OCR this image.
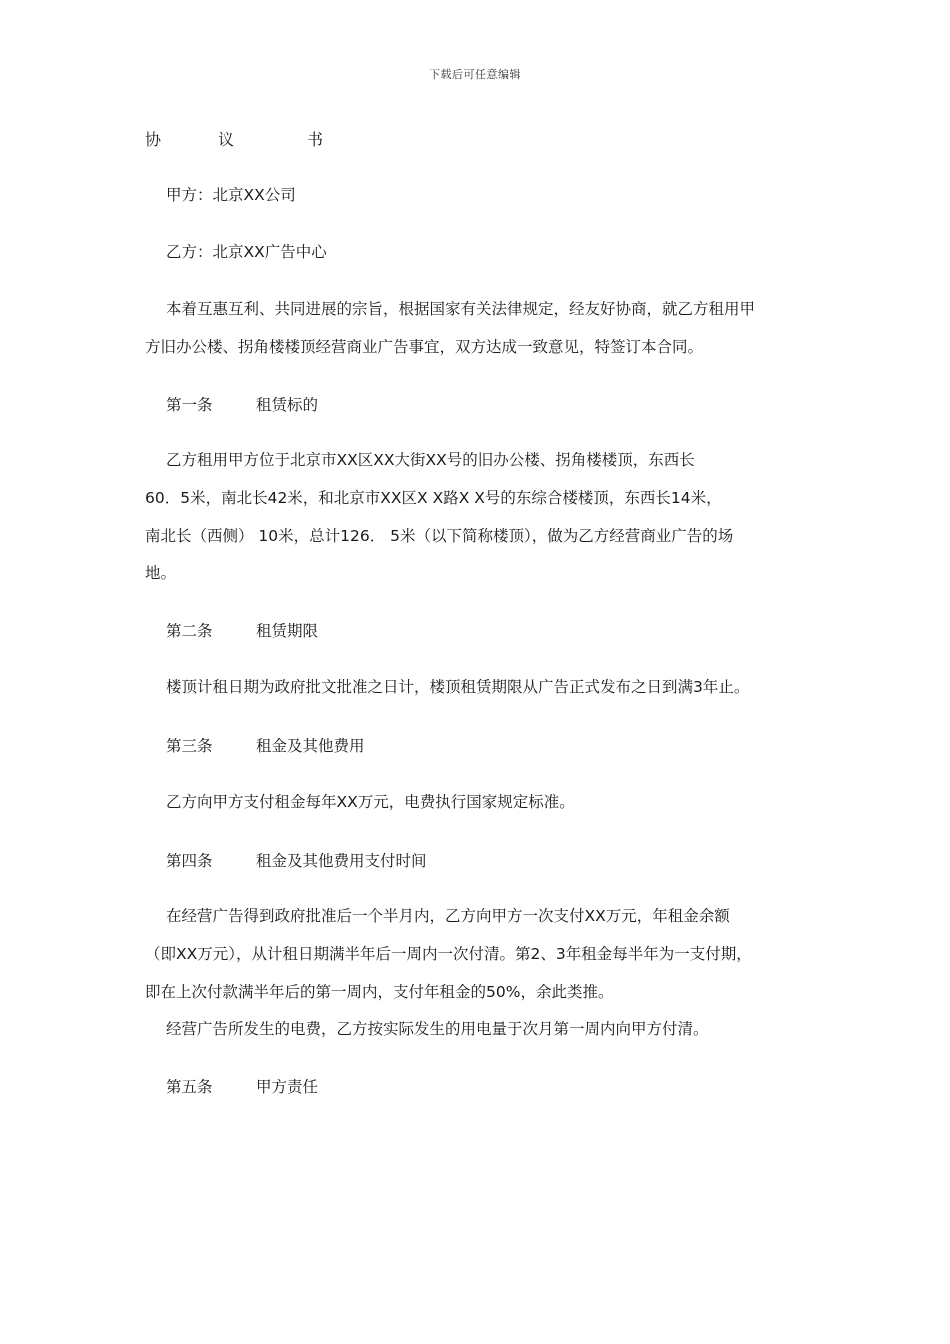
下载后可任意编辑
协	议	书
甲方：北京XX公司
乙方：北京XX广告中心
本着互惠互利、共同进展的宗旨，根据国家有关法律规定，经友好协商，就乙方租用甲
方旧办公楼、拐角楼楼顶经营商业广告事宜，双方达成一致意见，特签订本合同。
第一条	租赁标的
乙方租用甲方位于北京市XX区XX大街XX号的旧办公楼、拐角楼楼顶，东西长
60．5米，南北长42米，和北京市XX区X X路X X号的东综合楼楼顶，东西长14米，
南北长（西侧） 10米，总计126． 5米（以下简称楼顶），做为乙方经营商业广告的场
地。
第二条	租赁期限
楼顶计租日期为政府批文批准之日计，楼顶租赁期限从广告正式发布之日到满3年止。
第三条	租金及其他费用
乙方向甲方支付租金每年XX万元，电费执行国家规定标准。
第四条	租金及其他费用支付时间
在经营广告得到政府批准后一个半月内，乙方向甲方一次支付XX万元，年租金余额
（即XX万元），从计租日期满半年后一周内一次付清。第2、3年租金每半年为一支付期，
即在上次付款满半年后的第一周内，支付年租金的50%，余此类推。
经营广告所发生的电费，乙方按实际发生的用电量于次月第一周内向甲方付清。
第五条	甲方责任
